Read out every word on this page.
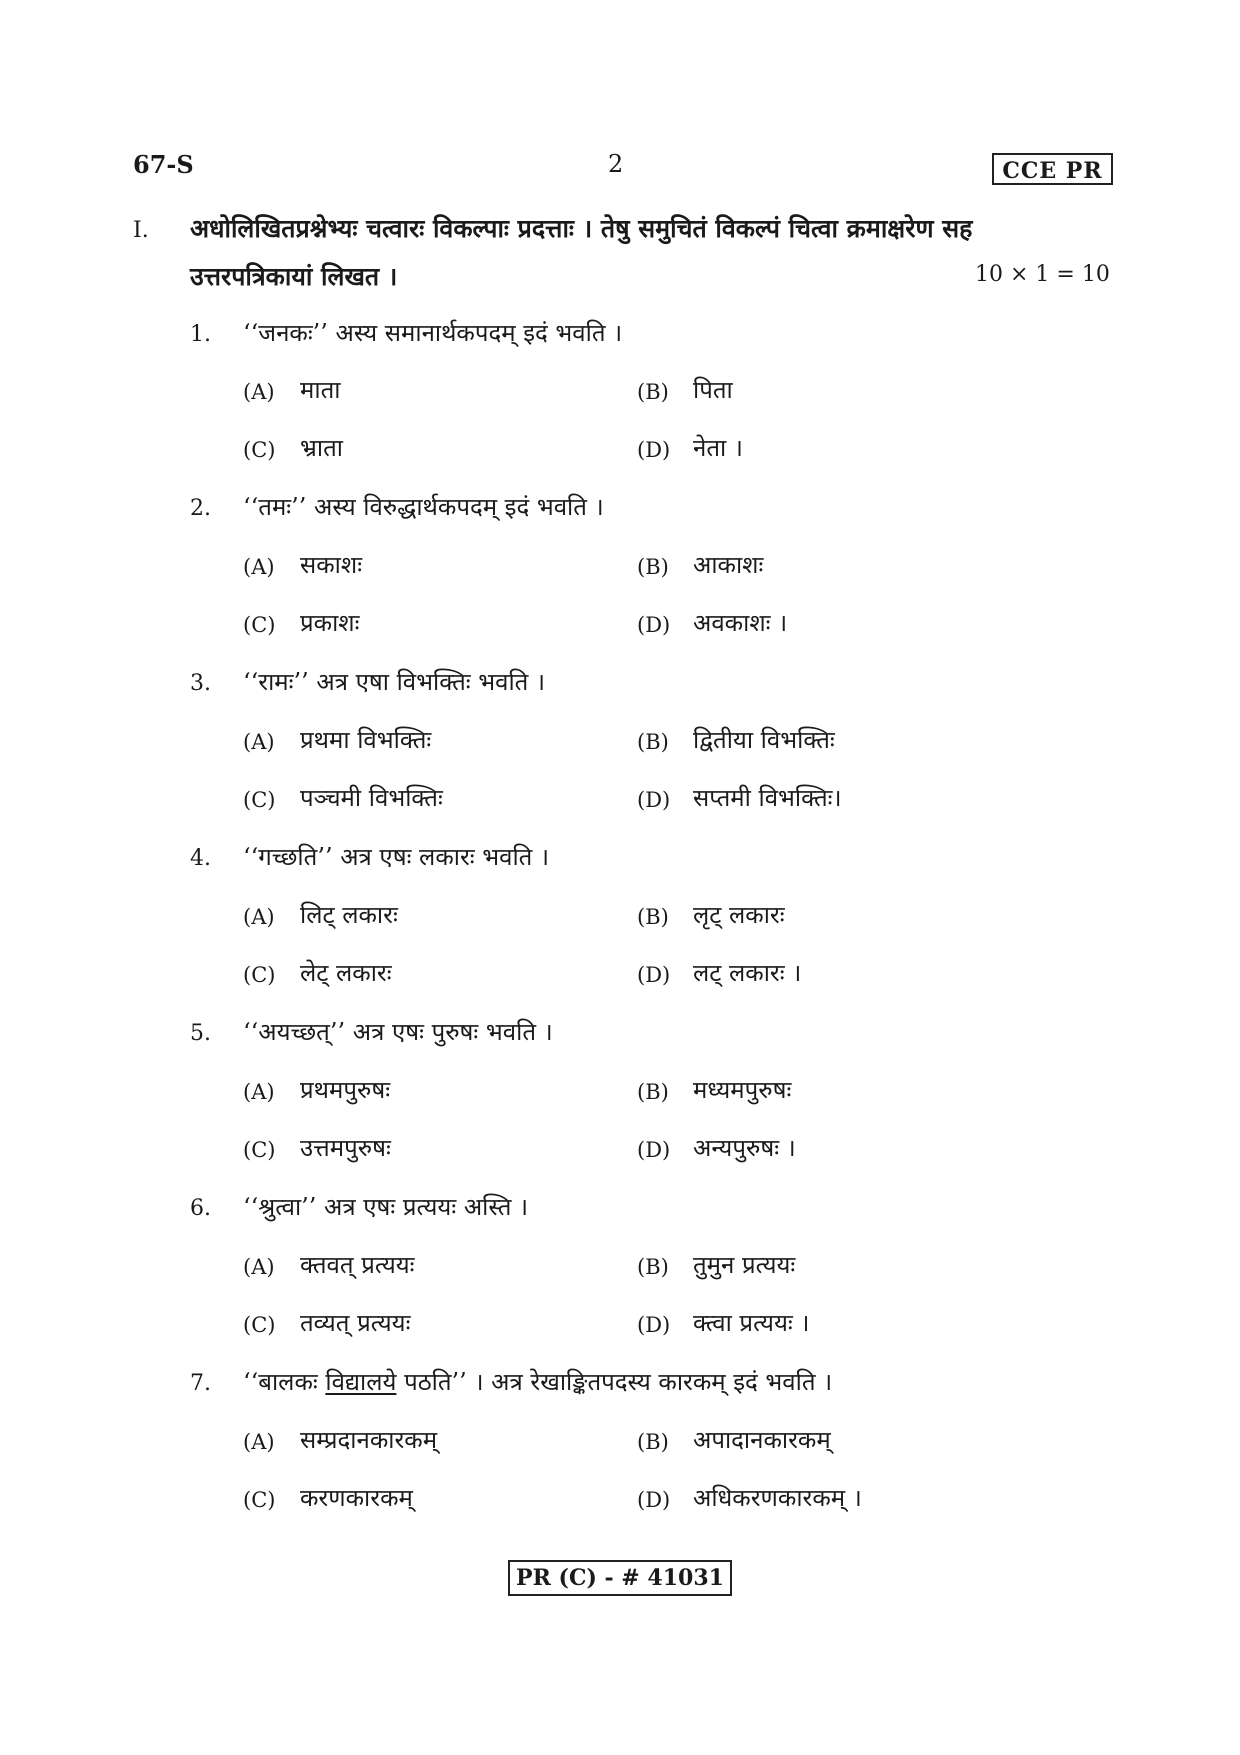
67-S	2	CCE PR
I. अधोलिखितप्रश्नेभ्यः चत्वारः विकल्पाः प्रदत्ताः । तेषु समुचितं विकल्पं चित्वा क्रमाक्षरेण सह
उत्तरपत्रिकायां लिखत ।	10 × 1 = 10
1. ‘‘जनकः’’ अस्य समानार्थकपदम् इदं भवति ।
(A) माता	(B) पिता
(C) भ्राता	(D) नेता ।
2. ‘‘तमः’’ अस्य विरुद्धार्थकपदम् इदं भवति ।
(A) सकाशः	(B) आकाशः
(C) प्रकाशः	(D) अवकाशः ।
3. ‘‘रामः’’ अत्र एषा विभक्तिः भवति ।
(A) प्रथमा विभक्तिः	(B) द्वितीया विभक्तिः
(C) पञ्चमी विभक्तिः	(D) सप्तमी विभक्तिः।
4. ‘‘गच्छति’’ अत्र एषः लकारः भवति ।
(A) लिट् लकारः	(B) लृट् लकारः
(C) लेट् लकारः	(D) लट् लकारः ।
5. ‘‘अयच्छत्’’ अत्र एषः पुरुषः भवति ।
(A) प्रथमपुरुषः	(B) मध्यमपुरुषः
(C) उत्तमपुरुषः	(D) अन्यपुरुषः ।
6. ‘‘श्रुत्वा’’ अत्र एषः प्रत्ययः अस्ति ।
(A) क्तवत् प्रत्ययः	(B) तुमुन प्रत्ययः
(C) तव्यत् प्रत्ययः	(D) क्त्वा प्रत्ययः ।
7. ‘‘बालकः विद्यालये पठति’’ । अत्र रेखाङ्कितपदस्य कारकम् इदं भवति ।
(A) सम्प्रदानकारकम्	(B) अपादानकारकम्
(C) करणकारकम्	(D) अधिकरणकारकम् ।
PR (C) - # 41031
